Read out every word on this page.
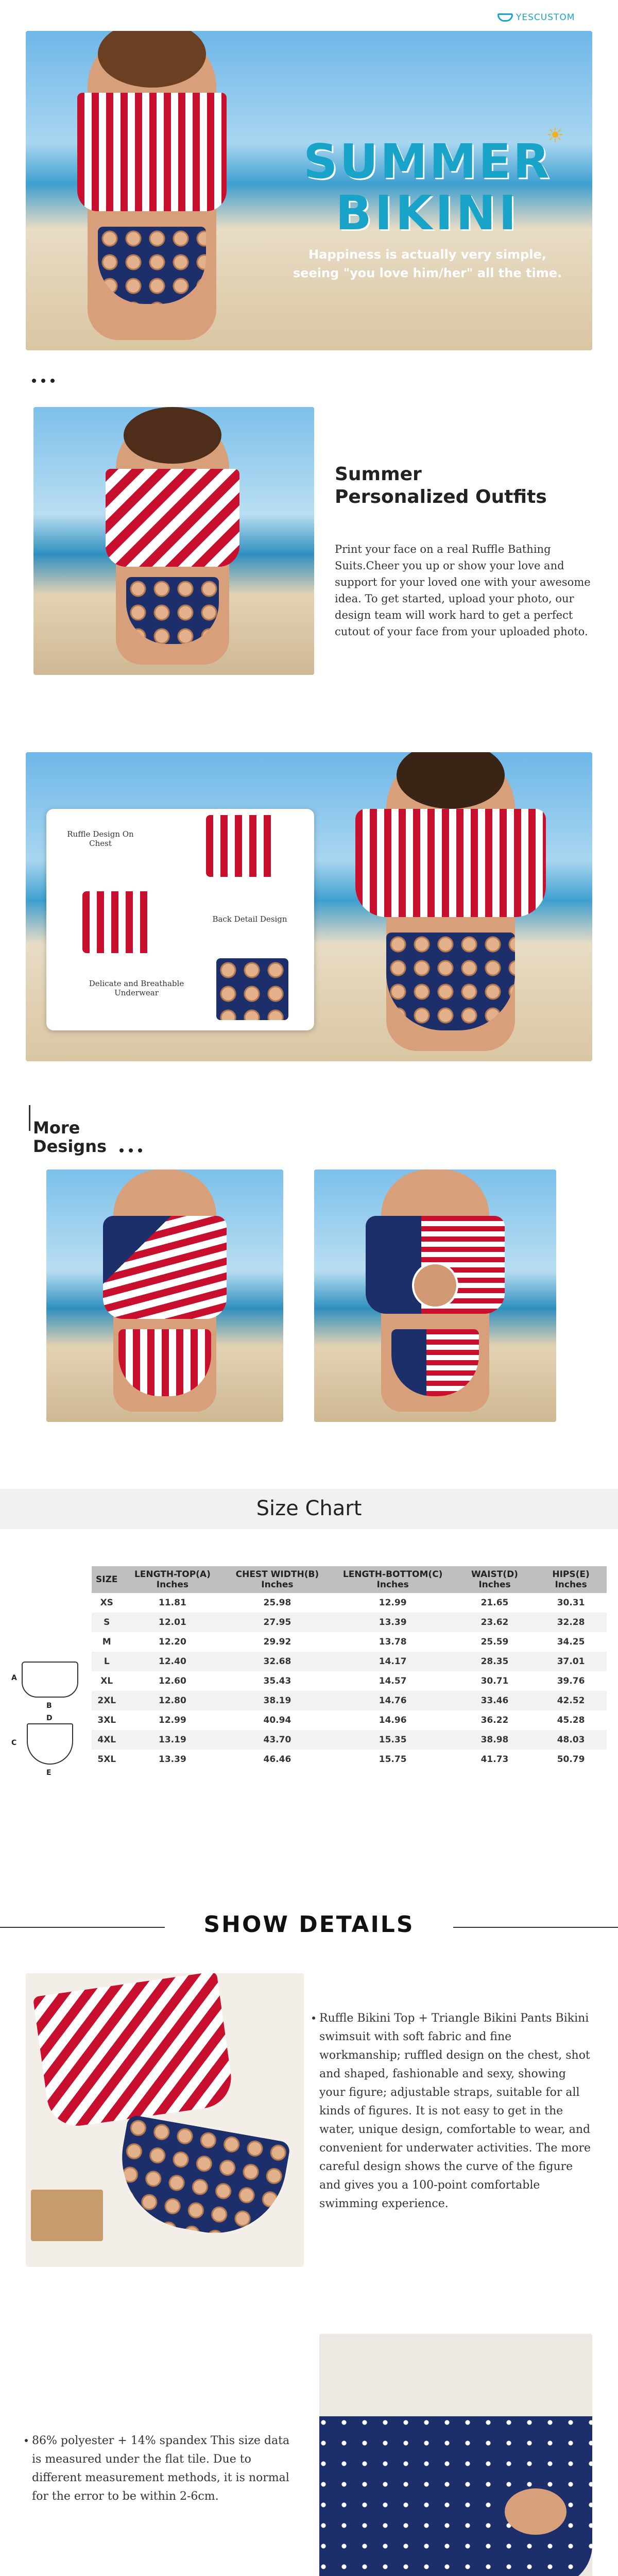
YESCUSTOM
SUMMER
BIKINI
Happiness is actually very simple,
seeing "you love him/her" all the time.
☀
Summer
Personalized Outfits
Print your face on a real Ruffle Bathing Suits.Cheer you up or show your love and support for your loved one with your awesome idea. To get started, upload your photo, our design team will work hard to get a perfect cutout of your face from your uploaded photo.
Ruffle Design On Chest
Back Detail Design
Delicate and Breathable Underwear
More
Designs
Size Chart
A
B
C
D
E
SIZE	LENGTH-TOP(A) Inches	CHEST WIDTH(B) Inches	LENGTH-BOTTOM(C) Inches	WAIST(D) Inches	HIPS(E) Inches
XS	11.81	25.98	12.99	21.65	30.31
S	12.01	27.95	13.39	23.62	32.28
M	12.20	29.92	13.78	25.59	34.25
L	12.40	32.68	14.17	28.35	37.01
XL	12.60	35.43	14.57	30.71	39.76
2XL	12.80	38.19	14.76	33.46	42.52
3XL	12.99	40.94	14.96	36.22	45.28
4XL	13.19	43.70	15.35	38.98	48.03
5XL	13.39	46.46	15.75	41.73	50.79
SHOW DETAILS
Ruffle Bikini Top + Triangle Bikini Pants Bikini swimsuit with soft fabric and fine workmanship; ruffled design on the chest, shot and shaped, fashionable and sexy, showing your figure; adjustable straps, suitable for all kinds of figures. It is not easy to get in the water, unique design, comfortable to wear, and convenient for underwater activities. The more careful design shows the curve of the figure and gives you a 100-point comfortable swimming experience.
86% polyester + 14% spandex This size data is measured under the flat tile. Due to different measurement methods, it is normal for the error to be within 2-6cm.
